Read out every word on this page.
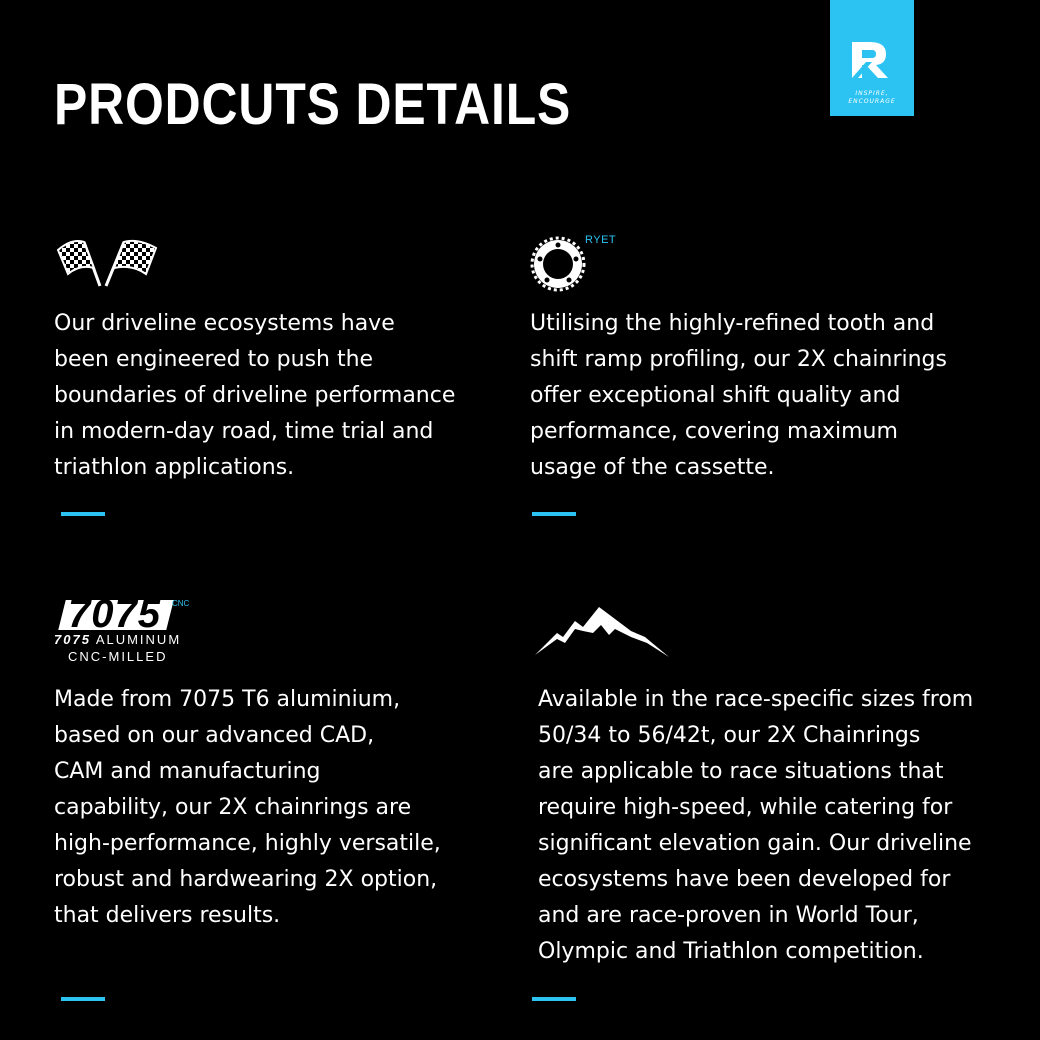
PRODCUTS DETAILS	INSPIRE,
ENCOURAGE
Our driveline ecosystems have
been engineered to push the
boundaries of driveline performance
in modern-day road, time trial and
triathlon applications.
RYET
Utilising the highly-refined tooth and
shift ramp profiling, our 2X chainrings
offer exceptional shift quality and
performance, covering maximum
usage of the cassette.
7075 CNC
7075 ALUMINUM
CNC-MILLED
Made from 7075 T6 aluminium,
based on our advanced CAD,
CAM and manufacturing
capability, our 2X chainrings are
high-performance, highly versatile,
robust and hardwearing 2X option,
that delivers results.
Available in the race-specific sizes from
50/34 to 56/42t, our 2X Chainrings
are applicable to race situations that
require high-speed, while catering for
significant elevation gain. Our driveline
ecosystems have been developed for
and are race-proven in World Tour,
Olympic and Triathlon competition.
